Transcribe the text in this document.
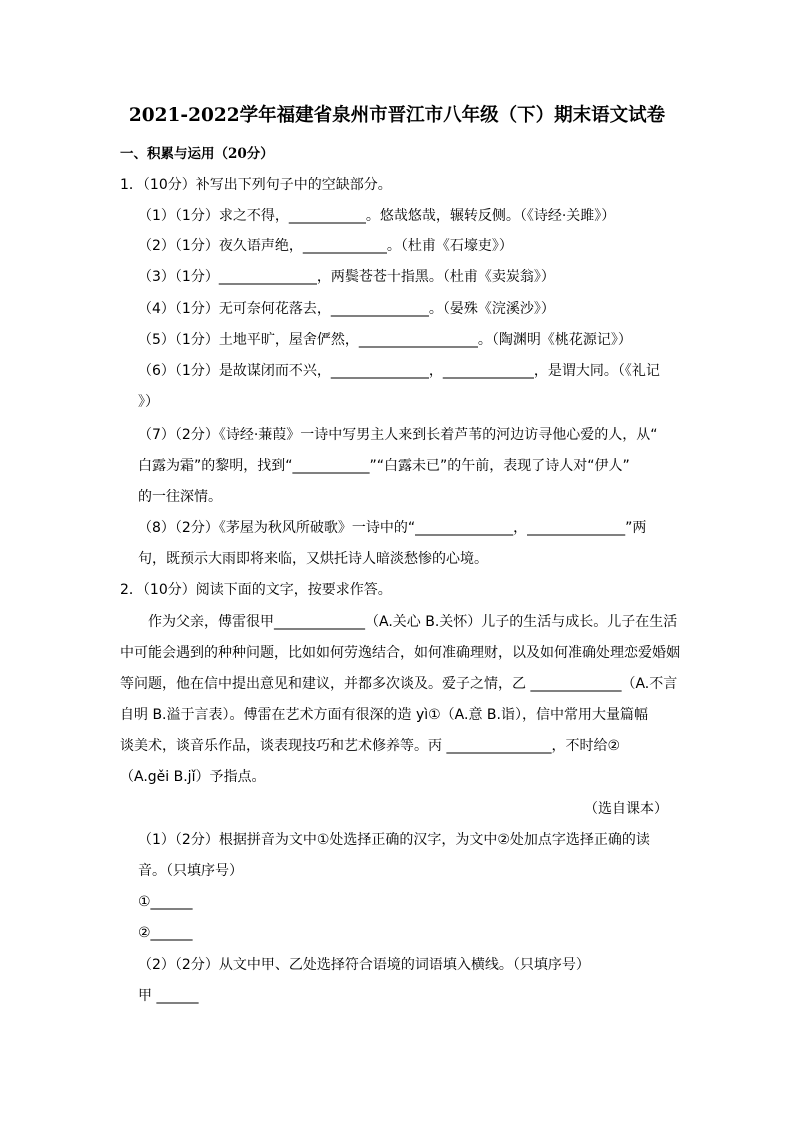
2021-2022学年福建省泉州市晋江市八年级（下）期末语文试卷
一、积累与运用（20分）
1．（10分）补写出下列句子中的空缺部分。
（1）（1分）求之不得，___________。悠哉悠哉，辗转反侧。（《诗经·关雎》）
（2）（1分）夜久语声绝，____________。（杜甫《石壕吏》）
（3）（1分）______________，两鬓苍苍十指黑。（杜甫《卖炭翁》）
（4）（1分）无可奈何花落去，______________。（晏殊《浣溪沙》）
（5）（1分）土地平旷，屋舍俨然，_________________。（陶渊明《桃花源记》）
（6）（1分）是故谋闭而不兴，______________，_____________，是谓大同。（《礼记
》）
（7）（2分）《诗经·蒹葭》一诗中写男主人来到长着芦苇的河边访寻他心爱的人，从“
白露为霜”的黎明，找到“___________”“白露未已”的午前，表现了诗人对“伊人”
的一往深情。
（8）（2分）《茅屋为秋风所破歌》一诗中的“______________，______________”两
句，既预示大雨即将来临，又烘托诗人暗淡愁惨的心境。
2．（10分）阅读下面的文字，按要求作答。
作为父亲，傅雷很甲_____________（A.关心 B.关怀）儿子的生活与成长。儿子在生活
中可能会遇到的种种问题，比如如何劳逸结合，如何准确理财，以及如何准确处理恋爱婚姻
等问题，他在信中提出意见和建议，并都多次谈及。爱子之情，乙 _____________（A.不言
自明 B.溢于言表）。傅雷在艺术方面有很深的造 yì①（A.意 B.诣），信中常用大量篇幅
谈美术，谈音乐作品，谈表现技巧和艺术修养等。丙 _______________，不时给②
（A.gěi B.jǐ）予指点。
（选自课本）
（1）（2分）根据拼音为文中①处选择正确的汉字，为文中②处加点字选择正确的读
音。（只填序号）
①______
②______
（2）（2分）从文中甲、乙处选择符合语境的词语填入横线。（只填序号）
甲 ______
